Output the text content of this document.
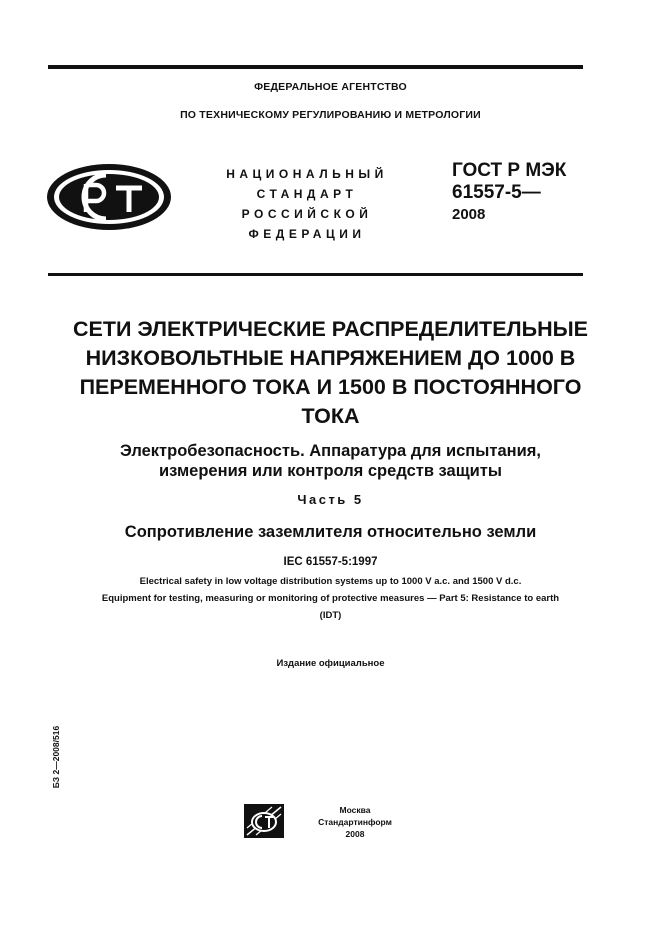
ФЕДЕРАЛЬНОЕ АГЕНТСТВО
ПО ТЕХНИЧЕСКОМУ РЕГУЛИРОВАНИЮ И МЕТРОЛОГИИ
НАЦИОНАЛЬНЫЙ
СТАНДАРТ
РОССИЙСКОЙ
ФЕДЕРАЦИИ
ГОСТ Р МЭК
61557-5—
2008
СЕТИ ЭЛЕКТРИЧЕСКИЕ РАСПРЕДЕЛИТЕЛЬНЫЕ
НИЗКОВОЛЬТНЫЕ НАПРЯЖЕНИЕМ ДО 1000 В
ПЕРЕМЕННОГО ТОКА И 1500 В ПОСТОЯННОГО
ТОКА
Электробезопасность. Аппаратура для испытания,
измерения или контроля средств защиты
Часть 5
Сопротивление заземлителя относительно земли
IEC 61557-5:1997
Electrical safety in low voltage distribution systems up to 1000 V a.c. and 1500 V d.c.
Equipment for testing, measuring or monitoring of protective measures — Part 5: Resistance to earth
(IDT)
Издание официальное
БЗ 2—2008/516
Москва
Стандартинформ
2008
